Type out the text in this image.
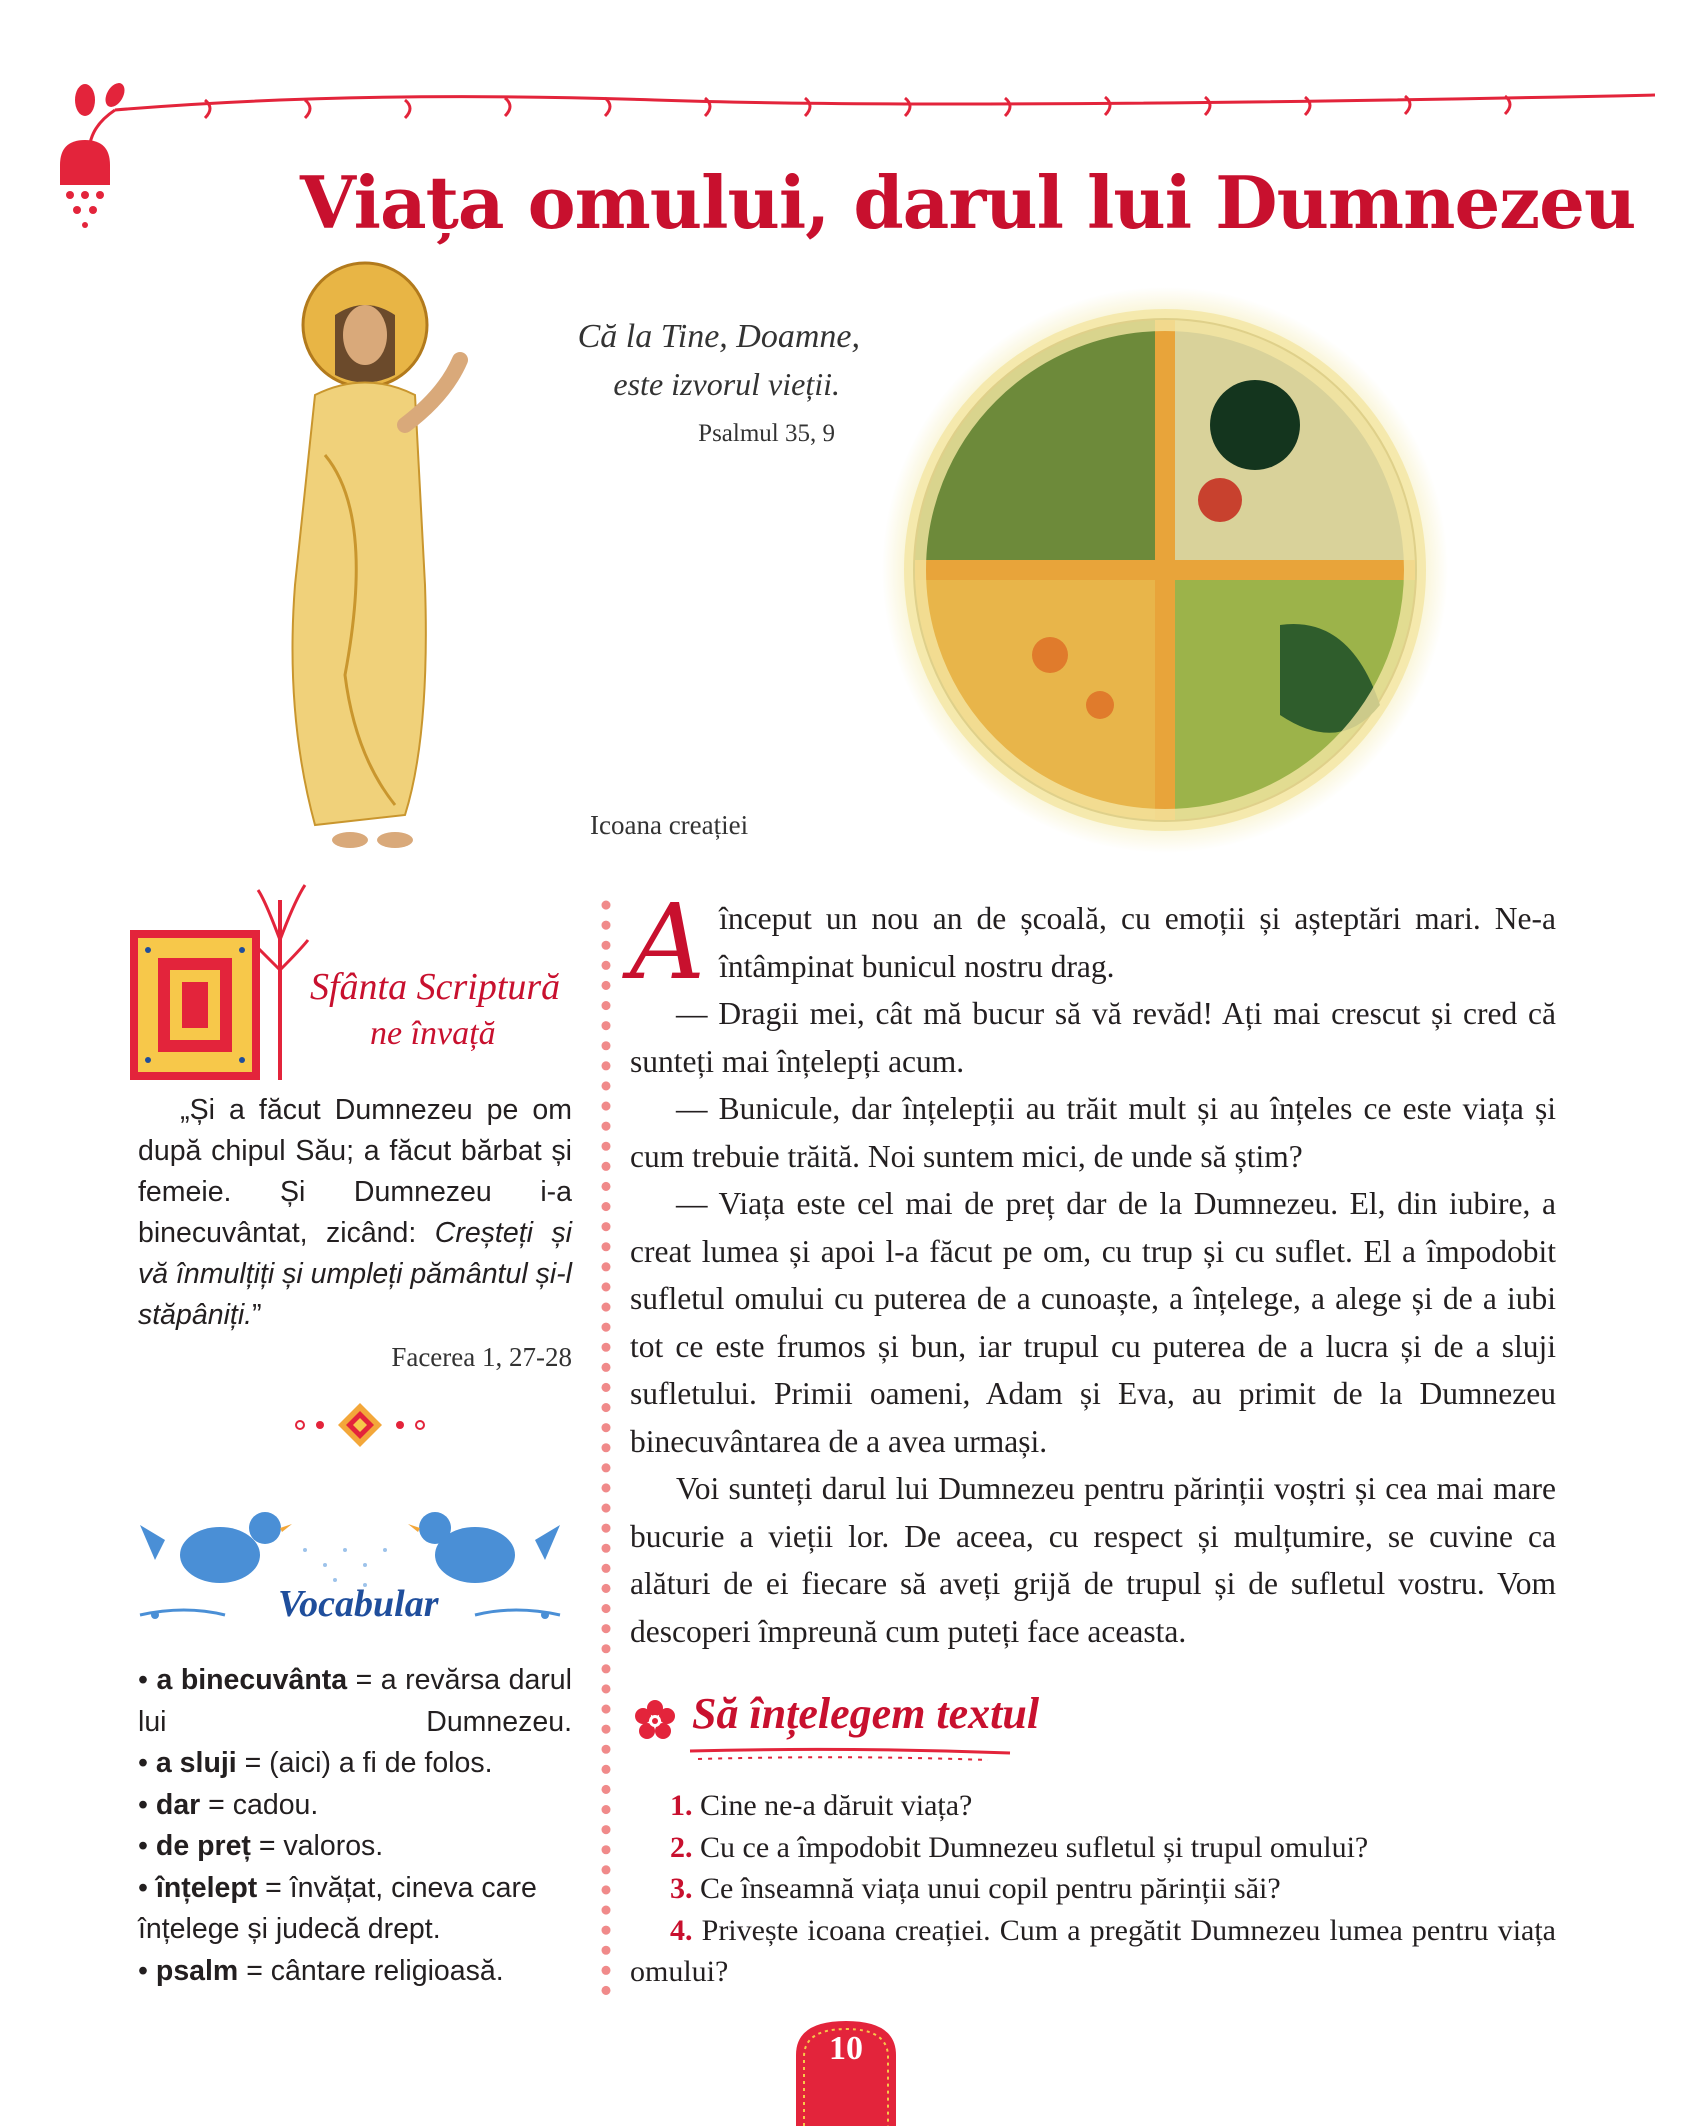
Viața omului, darul lui Dumnezeu
Că la Tine, Doamne,
este izvorul vieții.
Psalmul 35, 9
Icoana creației
Sfânta Scriptură
ne învață
„Și a făcut Dumnezeu pe om după chipul Său; a făcut bărbat și femeie. Și Dumnezeu i-a binecuvântat, zicând: Creșteți și vă înmulțiți și umpleți pământul și-l stăpâniți.”
Facerea 1, 27-28
Vocabular
• a binecuvânta = a revărsa darul lui Dumnezeu.
• a sluji = (aici) a fi de folos.
• dar = cadou.
• de preț = valoros.
• înțelept = învățat, cineva care înțelege și judecă drept.
• psalm = cântare religioasă.

Aînceput un nou an de școală, cu emoții și așteptări mari. Ne-a întâmpinat bunicul nostru drag.

— Dragii mei, cât mă bucur să vă revăd! Ați mai crescut și cred că sunteți mai înțelepți acum.

— Bunicule, dar înțelepții au trăit mult și au înțeles ce este viața și cum trebuie trăită. Noi suntem mici, de unde să știm?

— Viața este cel mai de preț dar de la Dumnezeu. El, din iubire, a creat lumea și apoi l-a făcut pe om, cu trup și cu suflet. El a împodobit sufletul omului cu puterea de a cunoaște, a înțelege, a alege și de a iubi tot ce este frumos și bun, iar trupul cu puterea de a lucra și de a sluji sufletului. Primii oameni, Adam și Eva, au primit de la Dumnezeu binecuvântarea de a avea urmași.

Voi sunteți darul lui Dumnezeu pentru părinții voștri și cea mai mare bucurie a vieții lor. De aceea, cu respect și mulțumire, se cuvine ca alături de ei fiecare să aveți grijă de trupul și de sufletul vostru. Vom descoperi împreună cum puteți face aceasta.

Să înțelegem textul
1. Cine ne-a dăruit viața?
2. Cu ce a împodobit Dumnezeu sufletul și trupul omului?
3. Ce înseamnă viața unui copil pentru părinții săi?
4. Privește icoana creației. Cum a pregătit Dumnezeu lumea pentru viața omului?
10
